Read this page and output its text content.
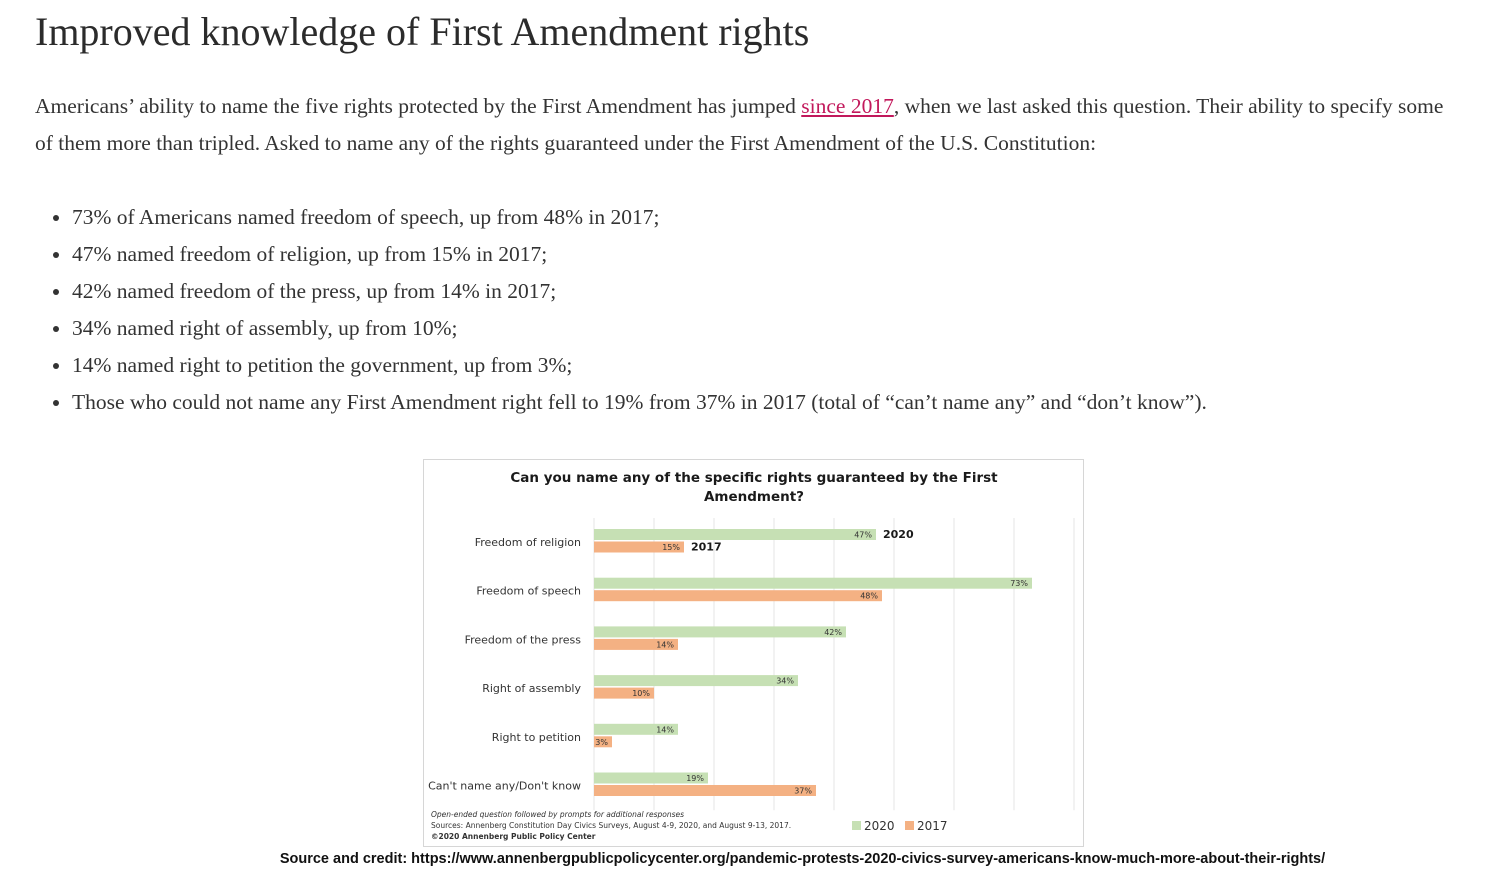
Improved knowledge of First Amendment rights

Americans’ ability to name the five rights protected by the First Amendment has jumped since 2017, when we last asked this question. Their ability to specify some of them more than tripled. Asked to name any of the rights guaranteed under the First Amendment of the U.S. Constitution:

• 73% of Americans named freedom of speech, up from 48% in 2017;
• 47% named freedom of religion, up from 15% in 2017;
• 42% named freedom of the press, up from 14% in 2017;
• 34% named right of assembly, up from 10%;
• 14% named right to petition the government, up from 3%;
• Those who could not name any First Amendment right fell to 19% from 37% in 2017 (total of “can’t name any” and “don’t know”).
Can you name any of the specific rights guaranteed by the First
Amendment?
Freedom of religion
47% 2020
15% 2017
Freedom of speech
73%
48%
Freedom of the press
42%
14%
Right of assembly
34%
10%
Right to petition
14%
3%
Can't name any/Don't know
19%
37%
Open-ended question followed by prompts for additional responses
Sources: Annenberg Constitution Day Civics Surveys, August 4-9, 2020, and August 9-13, 2017.
©2020 Annenberg Public Policy Center
2020 2017

Source and credit: https://www.annenbergpublicpolicycenter.org/pandemic-protests-2020-civics-survey-americans-know-much-more-about-their-rights/
